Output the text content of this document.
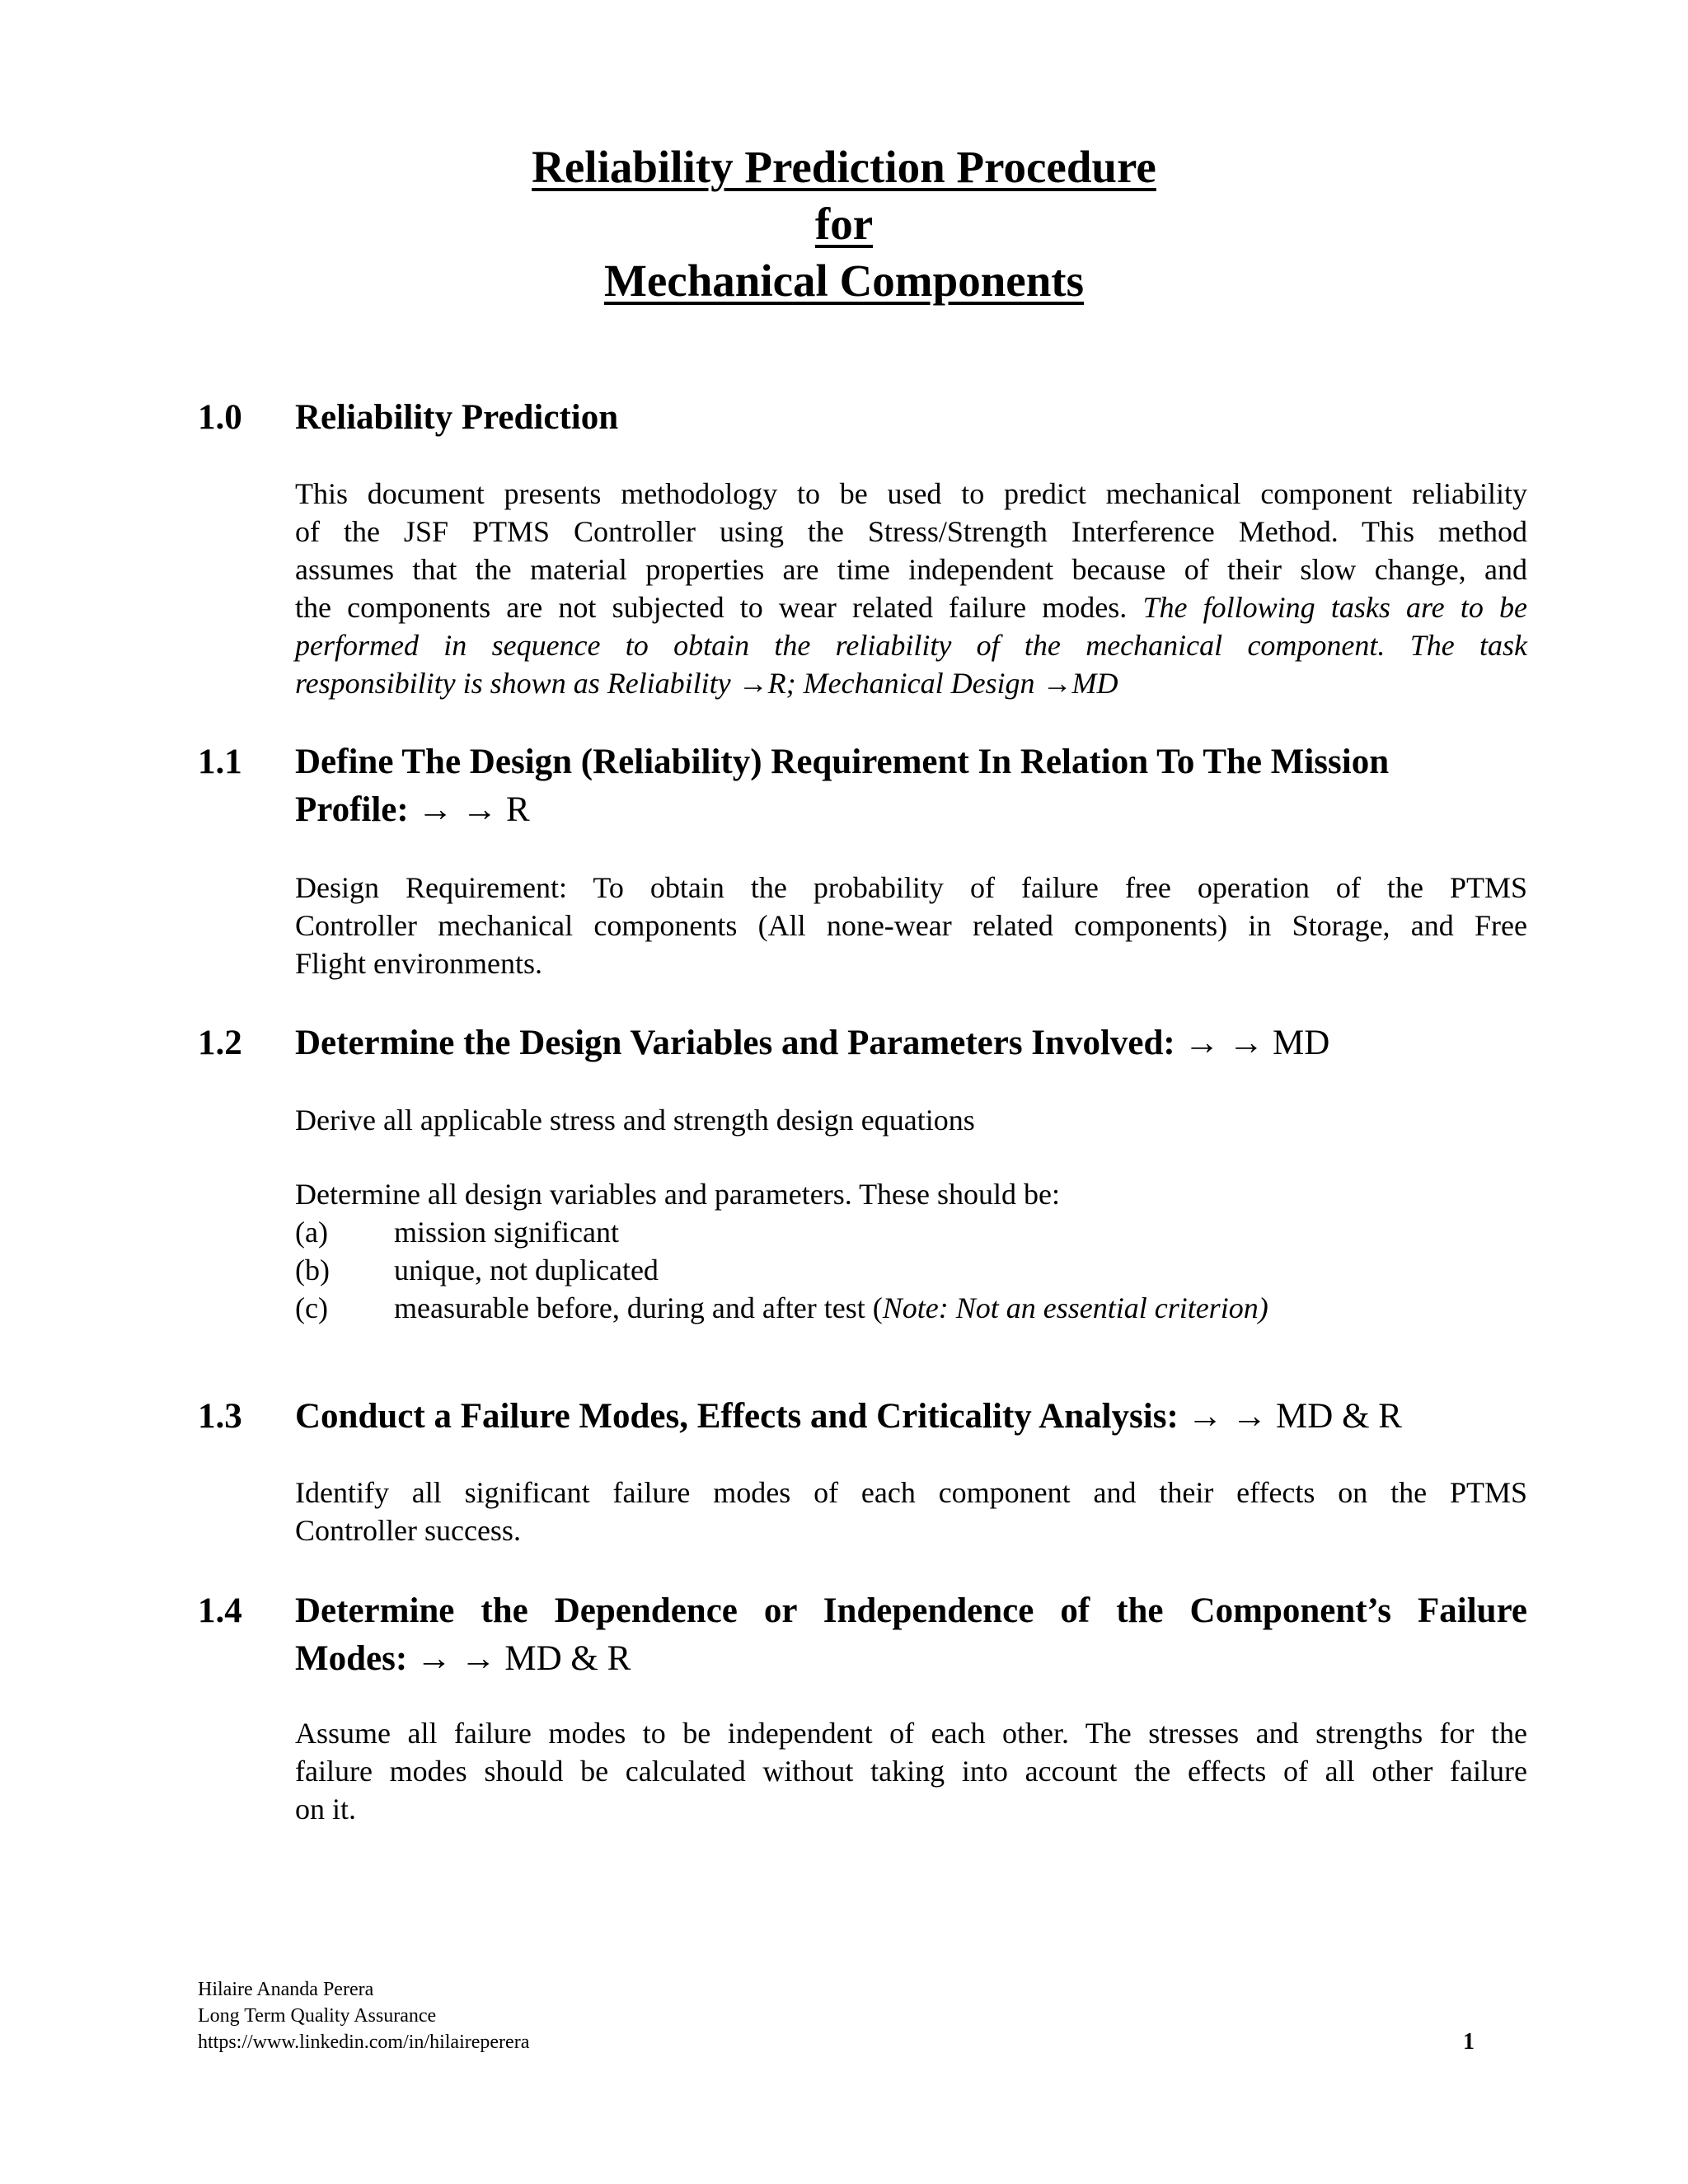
Reliability Prediction Procedure
for
Mechanical Components
1.0 Reliability Prediction
This document presents methodology to be used to predict mechanical component reliability
of the JSF PTMS Controller using the Stress/Strength Interference Method. This method
assumes that the material properties are time independent because of their slow change, and
the components are not subjected to wear related failure modes. The following tasks are to be
performed in sequence to obtain the reliability of the mechanical component. The task
responsibility is shown as Reliability →R; Mechanical Design →MD
1.1 Define The Design (Reliability) Requirement In Relation To The Mission
Profile: → → R
Design Requirement: To obtain the probability of failure free operation of the PTMS
Controller mechanical components (All none-wear related components) in Storage, and Free
Flight environments.
1.2 Determine the Design Variables and Parameters Involved: → → MD
Derive all applicable stress and strength design equations
Determine all design variables and parameters. These should be:
(a) mission significant
(b) unique, not duplicated
(c) measurable before, during and after test (Note: Not an essential criterion)
1.3 Conduct a Failure Modes, Effects and Criticality Analysis: → → MD & R
Identify all significant failure modes of each component and their effects on the PTMS
Controller success.
1.4 Determine the Dependence or Independence of the Component’s Failure
Modes: → → MD & R
Assume all failure modes to be independent of each other. The stresses and strengths for the
failure modes should be calculated without taking into account the effects of all other failure
on it.
Hilaire Ananda Perera
Long Term Quality Assurance
https://www.linkedin.com/in/hilaireperera	1
